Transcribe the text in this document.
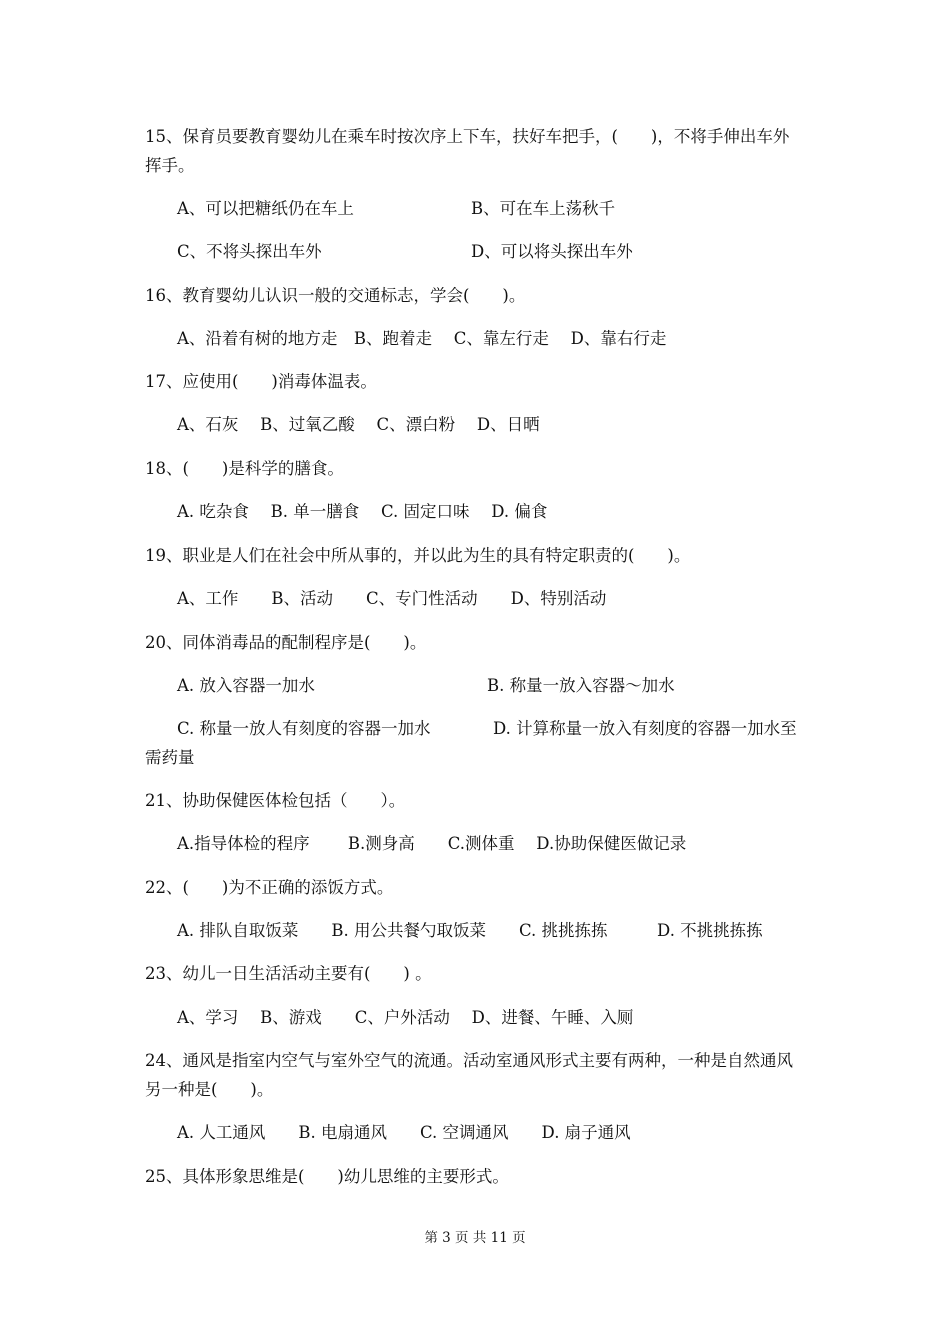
15、保育员要教育婴幼儿在乘车时按次序上下车，扶好车把手，(　　)，不将手伸出车外

挥手。

A、可以把糖纸仍在车上	B、可在车上荡秋千

C、不将头探出车外	D、可以将头探出车外

16、教育婴幼儿认识一般的交通标志，学会(　　)。

A、沿着有树的地方走　B、跑着走　 C、靠左行走　 D、靠右行走

17、应使用(　　)消毒体温表。

A、石灰　 B、过氧乙酸　 C、漂白粉　 D、日晒

18、(　　)是科学的膳食。

A. 吃杂食　 B. 单一膳食　 C. 固定口味　 D. 偏食

19、职业是人们在社会中所从事的，并以此为生的具有特定职责的(　　)。

A、工作　　B、活动　　C、专门性活动　　D、特别活动

20、同体消毒品的配制程序是(　　)。

A. 放入容器一加水	B. 称量一放入容器～加水

C. 称量一放人有刻度的容器一加水	D. 计算称量一放入有刻度的容器一加水至

需药量

21、协助保健医体检包括（　　）。

A.指导体检的程序　　 B.测身高　　C.测体重　 D.协助保健医做记录

22、(　　)为不正确的添饭方式。

A. 排队自取饭菜　　B. 用公共餐勺取饭菜　　C. 挑挑拣拣　　　D. 不挑挑拣拣

23、幼儿一日生活活动主要有(　　) 。

A、学习　 B、游戏　　C、户外活动　 D、进餐、午睡、入厕

24、通风是指室内空气与室外空气的流通。活动室通风形式主要有两种，一种是自然通风

另一种是(　　)。

A. 人工通风　　B. 电扇通风　　C. 空调通风　　D. 扇子通风

25、具体形象思维是(　　)幼儿思维的主要形式。

第 3 页 共 11 页
